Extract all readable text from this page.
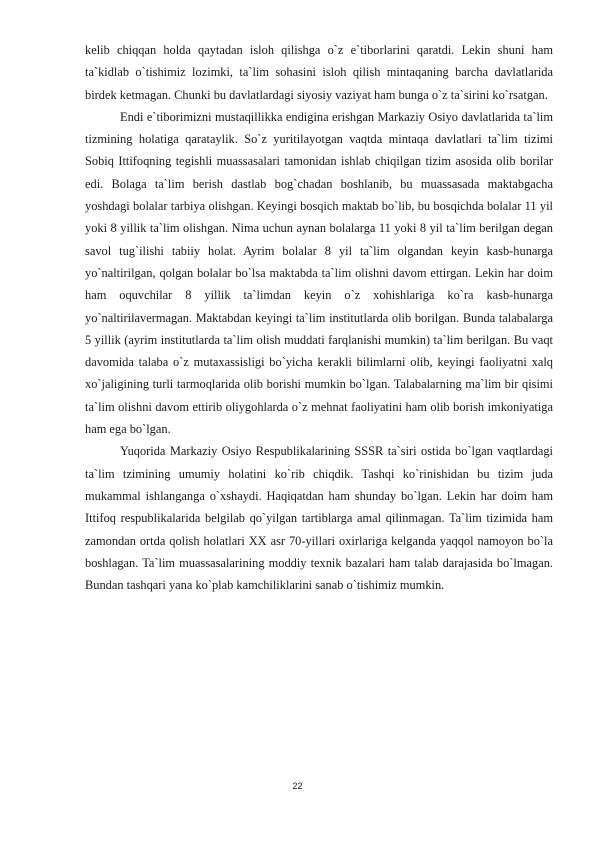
kelib chiqqan holda qaytadan isloh qilishga o`z e`tiborlarini qaratdi. Lekin shuni ham ta`kidlab o`tishimiz lozimki, ta`lim sohasini isloh qilish mintaqaning barcha davlatlarida birdek ketmagan. Chunki bu davlatlardagi siyosiy vaziyat ham bunga o`z ta`sirini ko`rsatgan.

Endi e`tiborimizni mustaqillikka endigina erishgan Markaziy Osiyo davlatlarida ta`lim tizmining holatiga qarataylik. So`z yuritilayotgan vaqtda mintaqa davlatlari ta`lim tizimi Sobiq Ittifoqning tegishli muassasalari tamonidan ishlab chiqilgan tizim asosida olib borilar edi. Bolaga ta`lim berish dastlab bog`chadan boshlanib, bu muassasada maktabgacha yoshdagi bolalar tarbiya olishgan. Keyingi bosqich maktab bo`lib, bu bosqichda bolalar 11 yil yoki 8 yillik ta`lim olishgan. Nima uchun aynan bolalarga 11 yoki 8 yil ta`lim berilgan degan savol tug`ilishi tabiiy holat. Ayrim bolalar 8 yil ta`lim olgandan keyin kasb-hunarga yo`naltirilgan, qolgan bolalar bo`lsa maktabda ta`lim olishni davom ettirgan. Lekin har doim ham oquvchilar 8 yillik ta`limdan keyin o`z xohishlariga ko`ra kasb-hunarga yo`naltirilavermagan. Maktabdan keyingi ta`lim institutlarda olib borilgan. Bunda talabalarga 5 yillik (ayrim institutlarda ta`lim olish muddati farqlanishi mumkin) ta`lim berilgan. Bu vaqt davomida talaba o`z mutaxassisligi bo`yicha kerakli bilimlarni olib, keyingi faoliyatni xalq xo`jaligining turli tarmoqlarida olib borishi mumkin bo`lgan. Talabalarning ma`lim bir qisimi ta`lim olishni davom ettirib oliygohlarda o`z mehnat faoliyatini ham olib borish imkoniyatiga ham ega bo`lgan.

Yuqorida Markaziy Osiyo Respublikalarining SSSR ta`siri ostida bo`lgan vaqtlardagi ta`lim tzimining umumiy holatini ko`rib chiqdik. Tashqi ko`rinishidan bu tizim juda mukammal ishlanganga o`xshaydi. Haqiqatdan ham shunday bo`lgan. Lekin har doim ham Ittifoq respublikalarida belgilab qo`yilgan tartiblarga amal qilinmagan. Ta`lim tizimida ham zamondan ortda qolish holatlari XX asr 70-yillari oxirlariga kelganda yaqqol namoyon bo`la boshlagan. Ta`lim muassasalarining moddiy texnik bazalari ham talab darajasida bo`lmagan. Bundan tashqari yana ko`plab kamchiliklarini sanab o`tishimiz mumkin.

22
